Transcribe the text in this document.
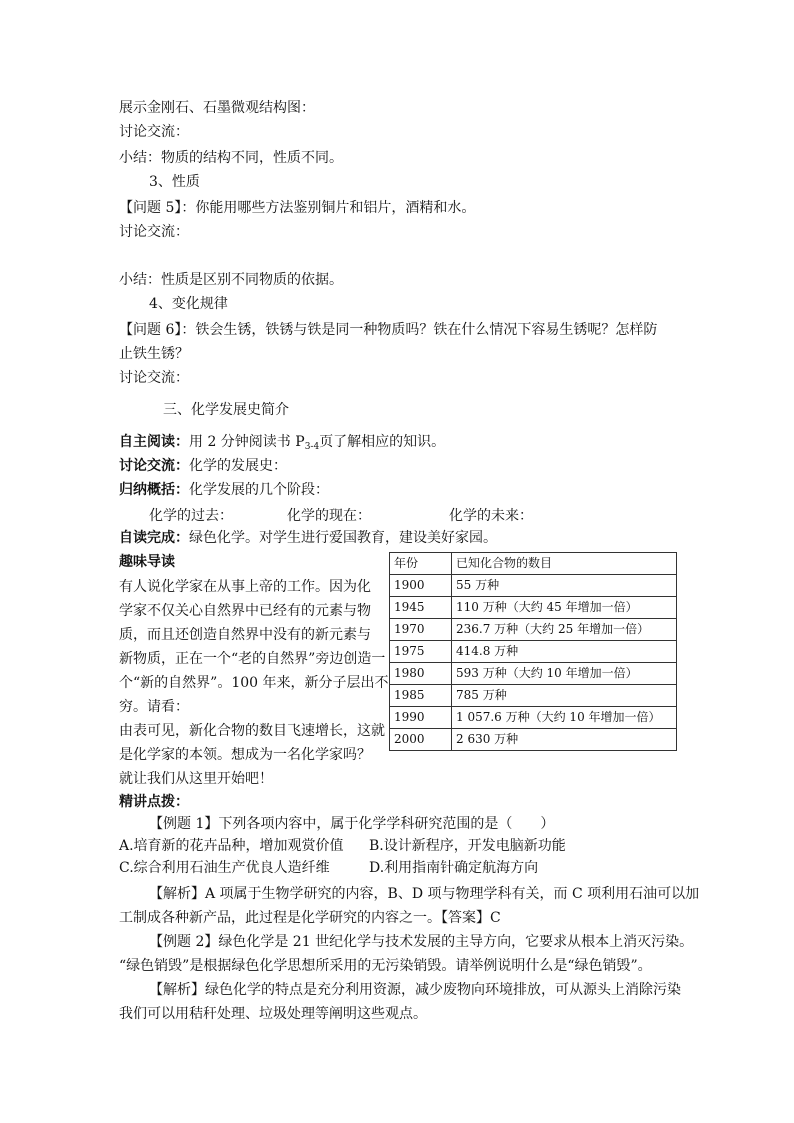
展示金刚石、石墨微观结构图：
讨论交流：
小结：物质的结构不同，性质不同。
3、性质
【问题 5】：你能用哪些方法鉴别铜片和铝片，酒精和水。
讨论交流：
小结：性质是区别不同物质的依据。
4、变化规律
【问题 6】：铁会生锈，铁锈与铁是同一种物质吗？铁在什么情况下容易生锈呢？怎样防
止铁生锈？
讨论交流：
三、化学发展史简介
自主阅读：用 2 分钟阅读书 $P_{3-4}$页了解相应的知识。
讨论交流：化学的发展史：
归纳概括：化学发展的几个阶段：
化学的过去：	化学的现在：	化学的未来：
自读完成：绿色化学。对学生进行爱国教育，建设美好家园。
趣味导读
有人说化学家在从事上帝的工作。因为化
学家不仅关心自然界中已经有的元素与物
质，而且还创造自然界中没有的新元素与
新物质，正在一个“老的自然界”旁边创造一
个“新的自然界”。100 年来，新分子层出不
穷。请看：
由表可见，新化合物的数目飞速增长，这就
是化学家的本领。想成为一名化学家吗？
就让我们从这里开始吧！
年份	已知化合物的数目
1900	55 万种
1945	110 万种（大约 45 年增加一倍）
1970	236.7 万种（大约 25 年增加一倍）
1975	414.8 万种
1980	593 万种（大约 10 年增加一倍）
1985	785 万种
1990	1 057.6 万种（大约 10 年增加一倍）
2000	2 630 万种
精讲点拨：
【例题 1】下列各项内容中，属于化学学科研究范围的是（　　）
A.培育新的花卉品种，增加观赏价值 B.设计新程序，开发电脑新功能
C.综合利用石油生产优良人造纤维	D.利用指南针确定航海方向
【解析】A 项属于生物学研究的内容，B、D 项与物理学科有关，而 C 项利用石油可以加
工制成各种新产品，此过程是化学研究的内容之一。【答案】C
【例题 2】绿色化学是 21 世纪化学与技术发展的主导方向，它要求从根本上消灭污染。
“绿色销毁”是根据绿色化学思想所采用的无污染销毁。请举例说明什么是“绿色销毁”。
【解析】绿色化学的特点是充分利用资源，减少废物向环境排放，可从源头上消除污染
我们可以用秸秆处理、垃圾处理等阐明这些观点。
